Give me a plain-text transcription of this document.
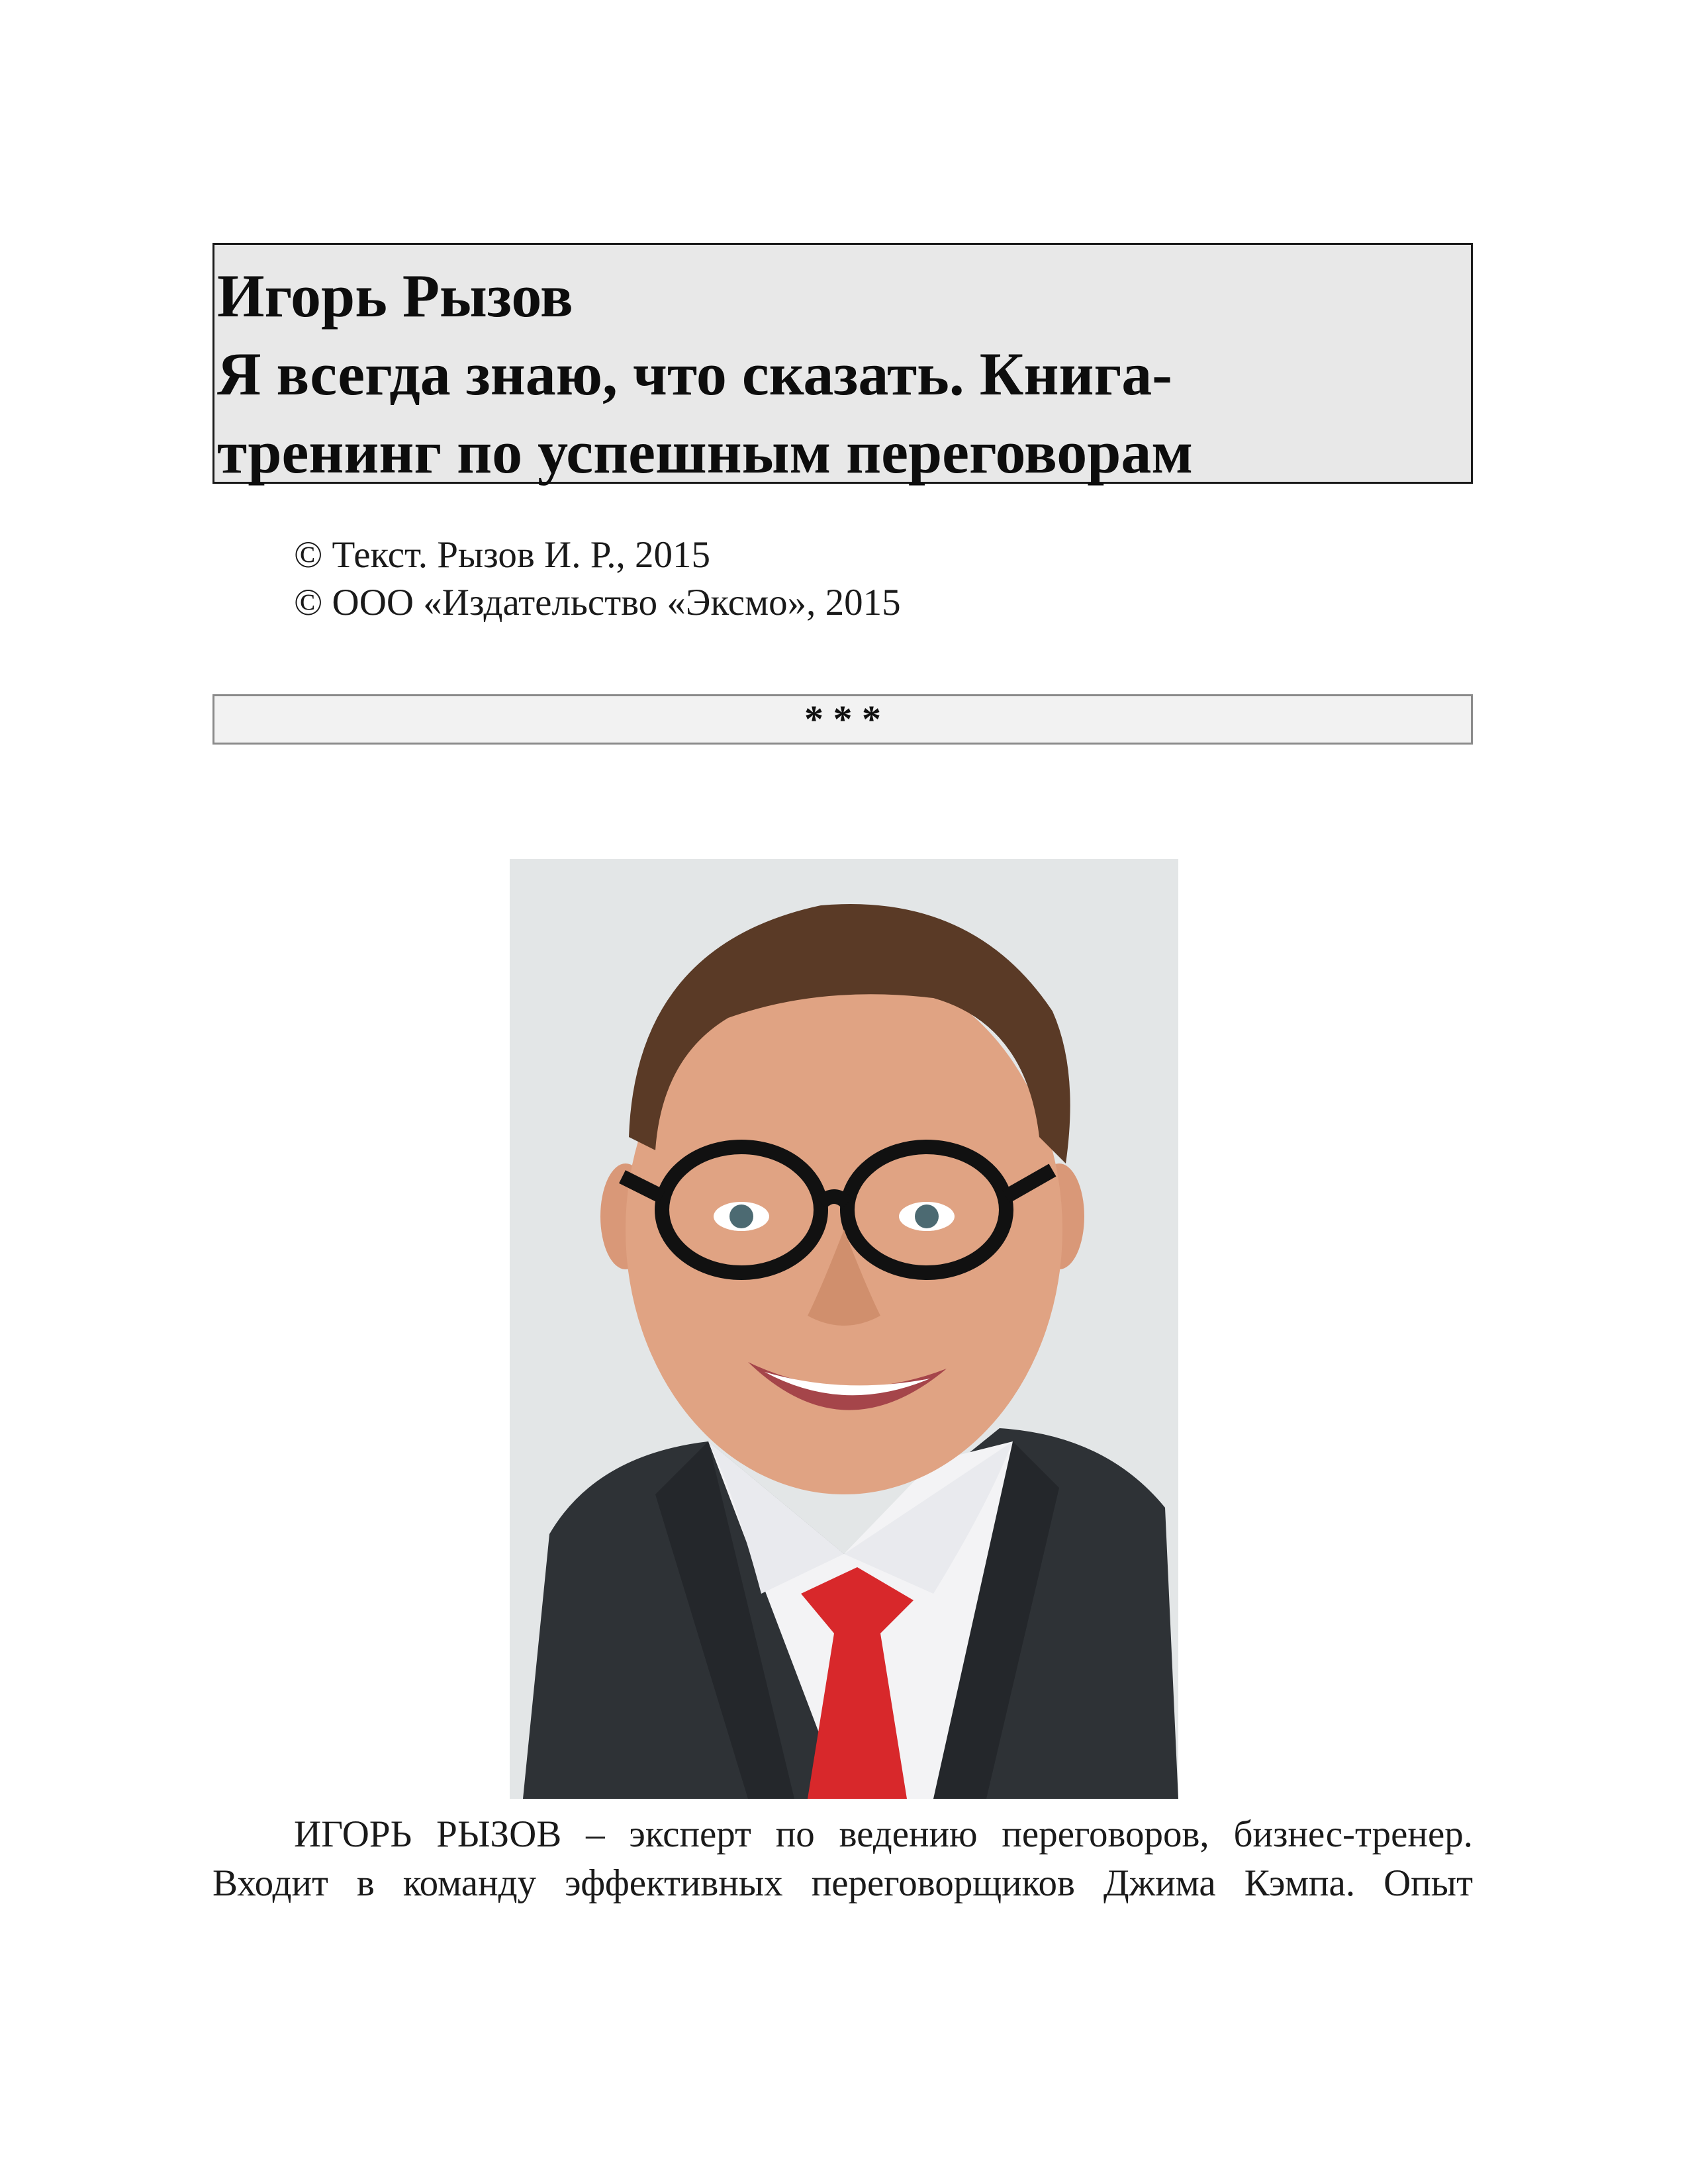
Игорь Рызов
Я всегда знаю, что сказать. Книга-
тренинг по успешным переговорам
© Текст. Рызов И. Р., 2015
© ООО «Издательство «Эксмо», 2015
* * *
ИГОРЬ РЫЗОВ – эксперт по ведению переговоров, бизнес-тренер.
Входит в команду эффективных переговорщиков Джима Кэмпа. Опыт
